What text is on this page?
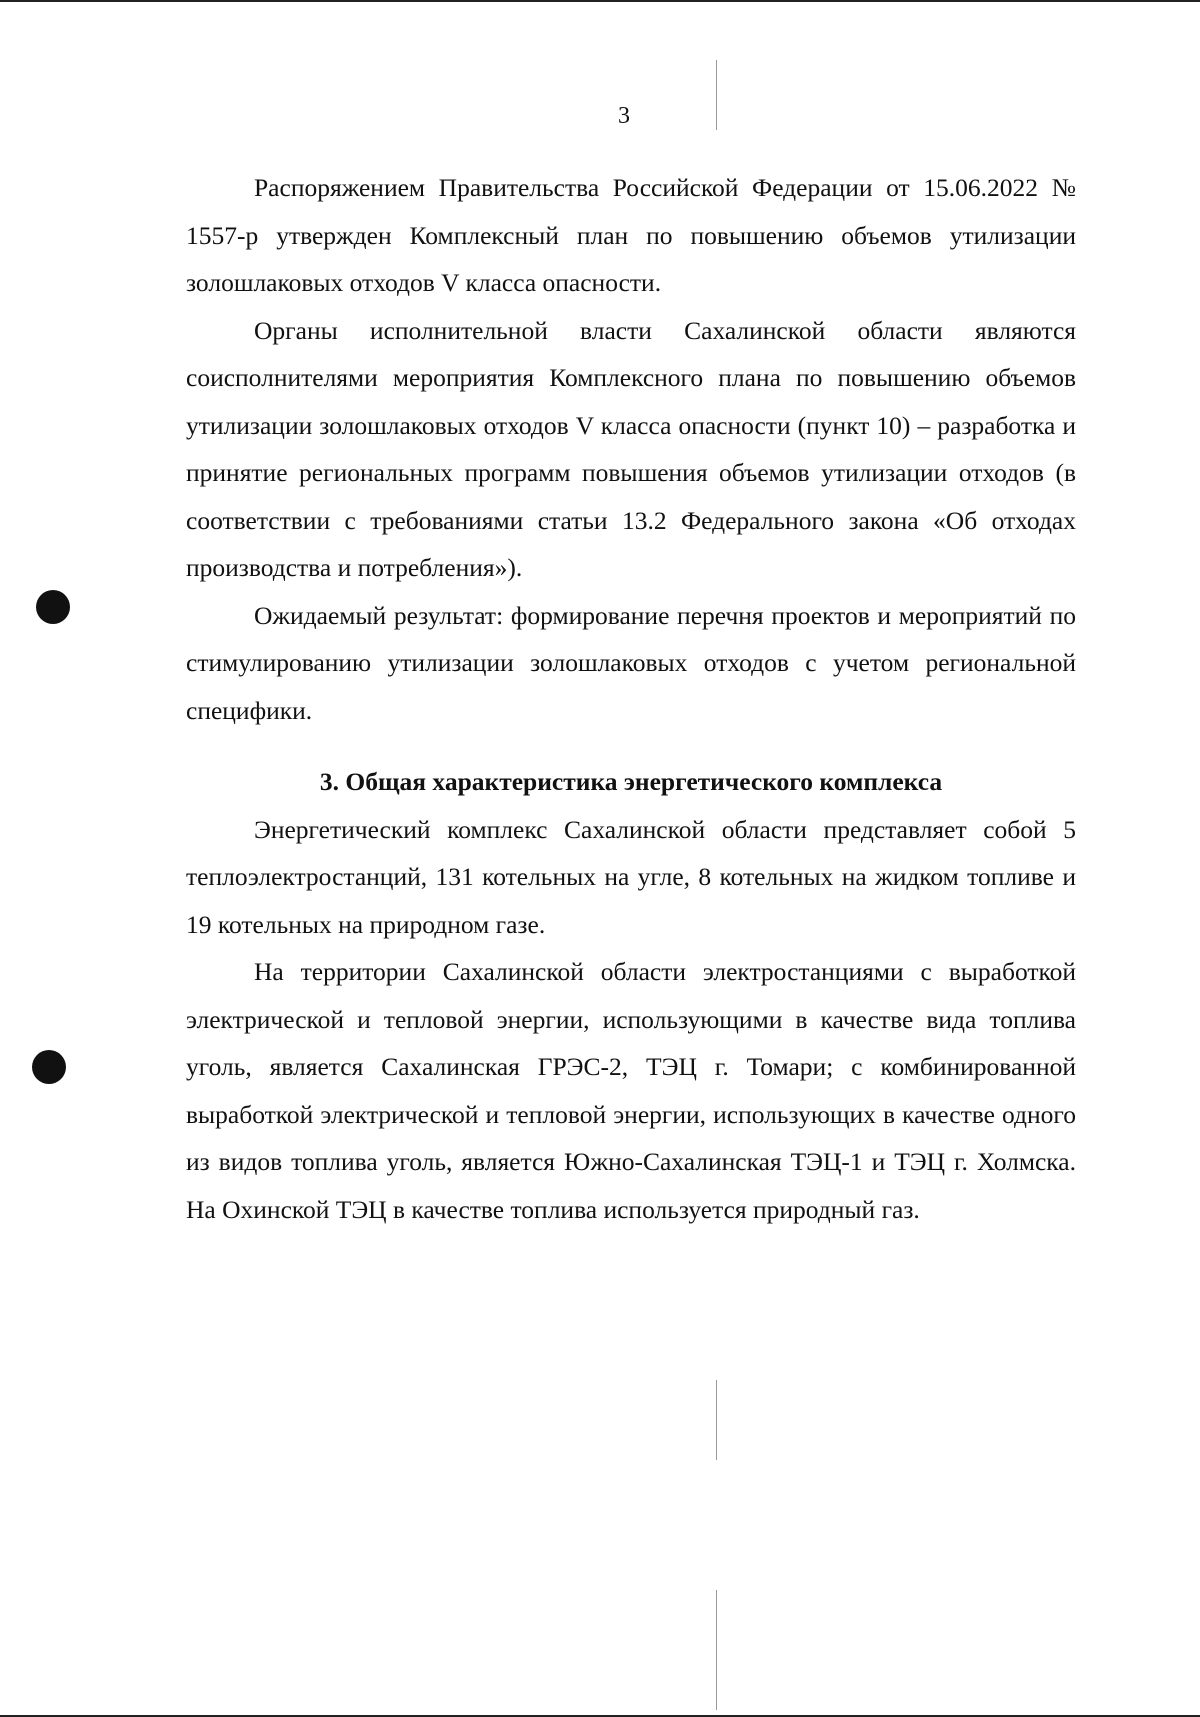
3

Распоряжением Правительства Российской Федерации от 15.06.2022 № 1557-р утвержден Комплексный план по повышению объемов утилизации золошлаковых отходов V класса опасности.

Органы исполнительной власти Сахалинской области являются соисполнителями мероприятия Комплексного плана по повышению объемов утилизации золошлаковых отходов V класса опасности (пункт 10) – разработка и принятие региональных программ повышения объемов утилизации отходов (в соответствии с требованиями статьи 13.2 Федерального закона «Об отходах производства и потребления»).

Ожидаемый результат: формирование перечня проектов и мероприятий по стимулированию утилизации золошлаковых отходов с учетом региональной специфики.

3. Общая характеристика энергетического комплекса

Энергетический комплекс Сахалинской области представляет собой 5 теплоэлектростанций, 131 котельных на угле, 8 котельных на жидком топливе и 19 котельных на природном газе.

На территории Сахалинской области электростанциями с выработкой электрической и тепловой энергии, использующими в качестве вида топлива уголь, является Сахалинская ГРЭС-2, ТЭЦ г. Томари; с комбинированной выработкой электрической и тепловой энергии, использующих в качестве одного из видов топлива уголь, является Южно-Сахалинская ТЭЦ-1 и ТЭЦ г. Холмска. На Охинской ТЭЦ в качестве топлива используется природный газ.
